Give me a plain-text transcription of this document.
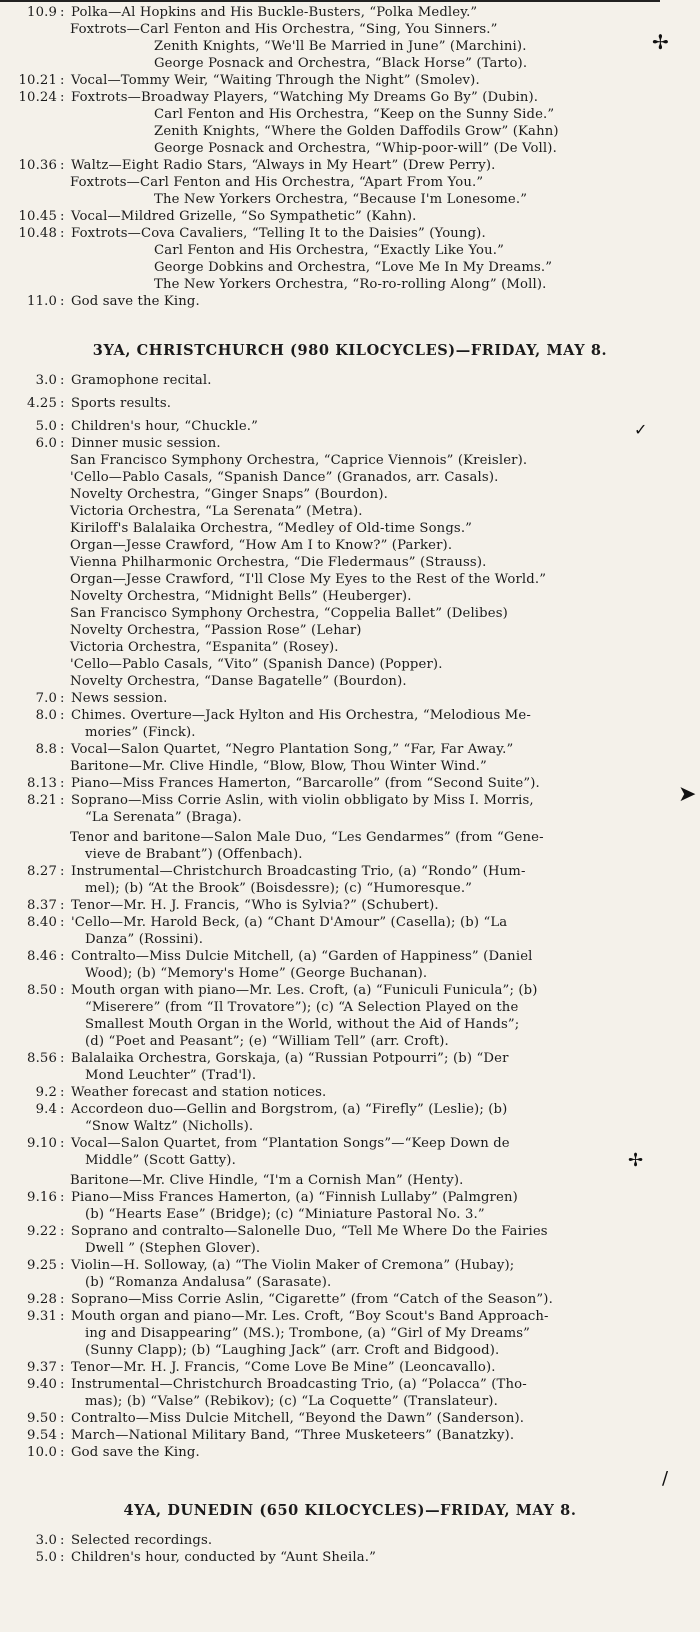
10.9 : Polka—Al Hopkins and His Buckle-Busters, “Polka Medley.”
Foxtrots—Carl Fenton and His Orchestra, “Sing, You Sinners.”
Zenith Knights, “We'll Be Married in June” (Marchini).
George Posnack and Orchestra, “Black Horse” (Tarto).
10.21 : Vocal—Tommy Weir, “Waiting Through the Night” (Smolev).
10.24 : Foxtrots—Broadway Players, “Watching My Dreams Go By” (Dubin).
Carl Fenton and His Orchestra, “Keep on the Sunny Side.”
Zenith Knights, “Where the Golden Daffodils Grow” (Kahn)
George Posnack and Orchestra, “Whip-poor-will” (De Voll).
10.36 : Waltz—Eight Radio Stars, “Always in My Heart” (Drew Perry).
Foxtrots—Carl Fenton and His Orchestra, “Apart From You.”
The New Yorkers Orchestra, “Because I'm Lonesome.”
10.45 : Vocal—Mildred Grizelle, “So Sympathetic” (Kahn).
10.48 : Foxtrots—Cova Cavaliers, “Telling It to the Daisies” (Young).
Carl Fenton and His Orchestra, “Exactly Like You.”
George Dobkins and Orchestra, “Love Me In My Dreams.”
The New Yorkers Orchestra, “Ro-ro-rolling Along” (Moll).
11.0 : God save the King.
3YA, CHRISTCHURCH (980 KILOCYCLES)—FRIDAY, MAY 8.
3.0 : Gramophone recital.
4.25 : Sports results.
5.0 : Children's hour, “Chuckle.”
6.0 : Dinner music session.
San Francisco Symphony Orchestra, “Caprice Viennois” (Kreisler).
'Cello—Pablo Casals, “Spanish Dance” (Granados, arr. Casals).
Novelty Orchestra, “Ginger Snaps” (Bourdon).
Victoria Orchestra, “La Serenata” (Metra).
Kiriloff's Balalaika Orchestra, “Medley of Old-time Songs.”
Organ—Jesse Crawford, “How Am I to Know?” (Parker).
Vienna Philharmonic Orchestra, “Die Fledermaus” (Strauss).
Organ—Jesse Crawford, “I'll Close My Eyes to the Rest of the World.”
Novelty Orchestra, “Midnight Bells” (Heuberger).
San Francisco Symphony Orchestra, “Coppelia Ballet” (Delibes)
Novelty Orchestra, “Passion Rose” (Lehar)
Victoria Orchestra, “Espanita” (Rosey).
'Cello—Pablo Casals, “Vito” (Spanish Dance) (Popper).
Novelty Orchestra, “Danse Bagatelle” (Bourdon).
7.0 : News session.
8.0 : Chimes. Overture—Jack Hylton and His Orchestra, “Melodious Me-
mories” (Finck).
8.8 : Vocal—Salon Quartet, “Negro Plantation Song,” “Far, Far Away.”
Baritone—Mr. Clive Hindle, “Blow, Blow, Thou Winter Wind.”
8.13 : Piano—Miss Frances Hamerton, “Barcarolle” (from “Second Suite”).
8.21 : Soprano—Miss Corrie Aslin, with violin obbligato by Miss I. Morris,
“La Serenata” (Braga).
Tenor and baritone—Salon Male Duo, “Les Gendarmes” (from “Gene-
vieve de Brabant”) (Offenbach).
8.27 : Instrumental—Christchurch Broadcasting Trio, (a) “Rondo” (Hum-
mel); (b) “At the Brook” (Boisdessre); (c) “Humoresque.”
8.37 : Tenor—Mr. H. J. Francis, “Who is Sylvia?” (Schubert).
8.40 : 'Cello—Mr. Harold Beck, (a) “Chant D'Amour” (Casella); (b) “La
Danza” (Rossini).
8.46 : Contralto—Miss Dulcie Mitchell, (a) “Garden of Happiness” (Daniel
Wood); (b) “Memory's Home” (George Buchanan).
8.50 : Mouth organ with piano—Mr. Les. Croft, (a) “Funiculi Funicula”; (b)
“Miserere” (from “Il Trovatore”); (c) “A Selection Played on the
Smallest Mouth Organ in the World, without the Aid of Hands”;
(d) “Poet and Peasant”; (e) “William Tell” (arr. Croft).
8.56 : Balalaika Orchestra, Gorskaja, (a) “Russian Potpourri”; (b) “Der
Mond Leuchter” (Trad'l).
9.2 : Weather forecast and station notices.
9.4 : Accordeon duo—Gellin and Borgstrom, (a) “Firefly” (Leslie); (b)
“Snow Waltz” (Nicholls).
9.10 : Vocal—Salon Quartet, from “Plantation Songs”—“Keep Down de
Middle” (Scott Gatty).
Baritone—Mr. Clive Hindle, “I'm a Cornish Man” (Henty).
9.16 : Piano—Miss Frances Hamerton, (a) “Finnish Lullaby” (Palmgren)
(b) “Hearts Ease” (Bridge); (c) “Miniature Pastoral No. 3.”
9.22 : Soprano and contralto—Salonelle Duo, “Tell Me Where Do the Fairies
Dwell ” (Stephen Glover).
9.25 : Violin—H. Solloway, (a) “The Violin Maker of Cremona” (Hubay);
(b) “Romanza Andalusa” (Sarasate).
9.28 : Soprano—Miss Corrie Aslin, “Cigarette” (from “Catch of the Season”).
9.31 : Mouth organ and piano—Mr. Les. Croft, “Boy Scout's Band Approach-
ing and Disappearing” (MS.); Trombone, (a) “Girl of My Dreams”
(Sunny Clapp); (b) “Laughing Jack” (arr. Croft and Bidgood).
9.37 : Tenor—Mr. H. J. Francis, “Come Love Be Mine” (Leoncavallo).
9.40 : Instrumental—Christchurch Broadcasting Trio, (a) “Polacca” (Tho-
mas); (b) “Valse” (Rebikov); (c) “La Coquette” (Translateur).
9.50 : Contralto—Miss Dulcie Mitchell, “Beyond the Dawn” (Sanderson).
9.54 : March—National Military Band, “Three Musketeers” (Banatzky).
10.0 : God save the King.
4YA, DUNEDIN (650 KILOCYCLES)—FRIDAY, MAY 8.
3.0 : Selected recordings.
5.0 : Children's hour, conducted by “Aunt Sheila.”
✢
✓
➤
✢
/
